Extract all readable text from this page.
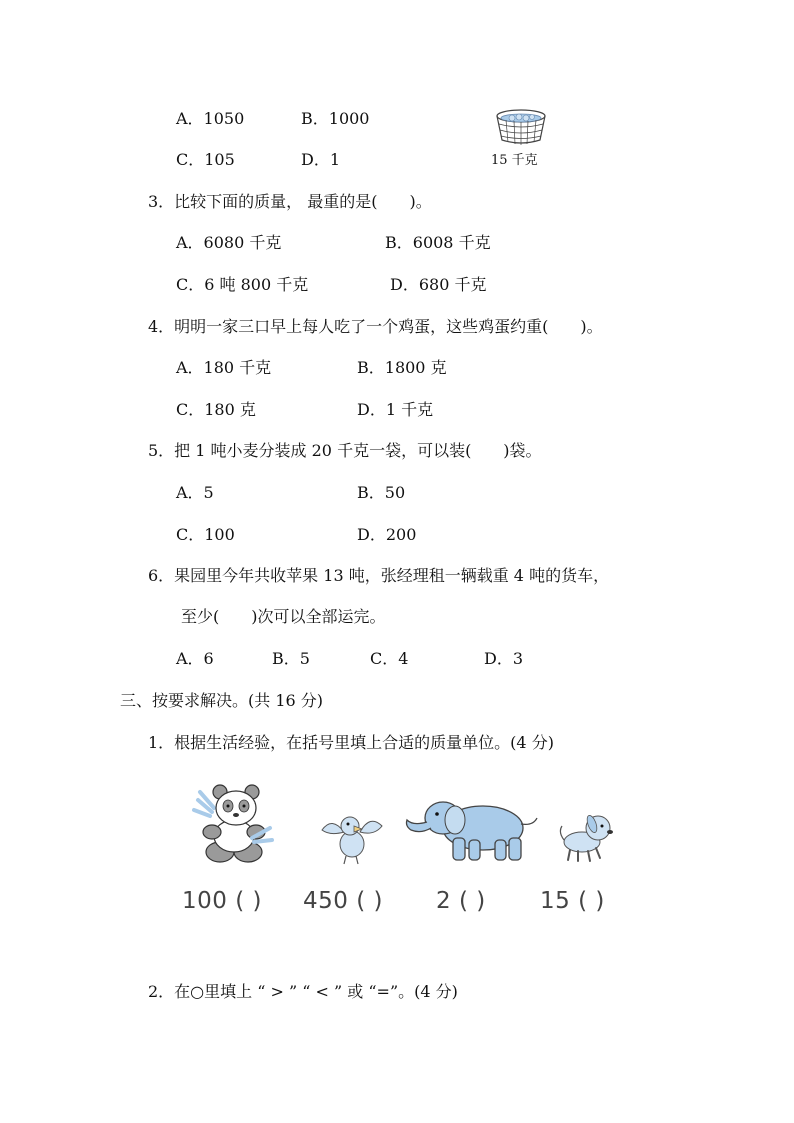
A．1050	B．1000
C．105	D．1	15 千克
3．比较下面的质量， 最重的是(　　)。
A．6080 千克	B．6008 千克
C．6 吨 800 千克	D．680 千克
4．明明一家三口早上每人吃了一个鸡蛋，这些鸡蛋约重(　　)。
A．180 千克	B．1800 克
C．180 克	D．1 千克
5．把 1 吨小麦分装成 20 千克一袋，可以装(　　)袋。
A．5	B．50
C．100	D．200
6．果园里今年共收苹果 13 吨，张经理租一辆载重 4 吨的货车，
至少(　　)次可以全部运完。
A．6	B．5	C．4	D．3
三、按要求解决。(共 16 分)
1．根据生活经验，在括号里填上合适的质量单位。(4 分)
100 ( ) 450 ( ) 2 ( ) 15 ( )
2．在○里填上 “ > ” “ < ” 或 “=”。(4 分)
